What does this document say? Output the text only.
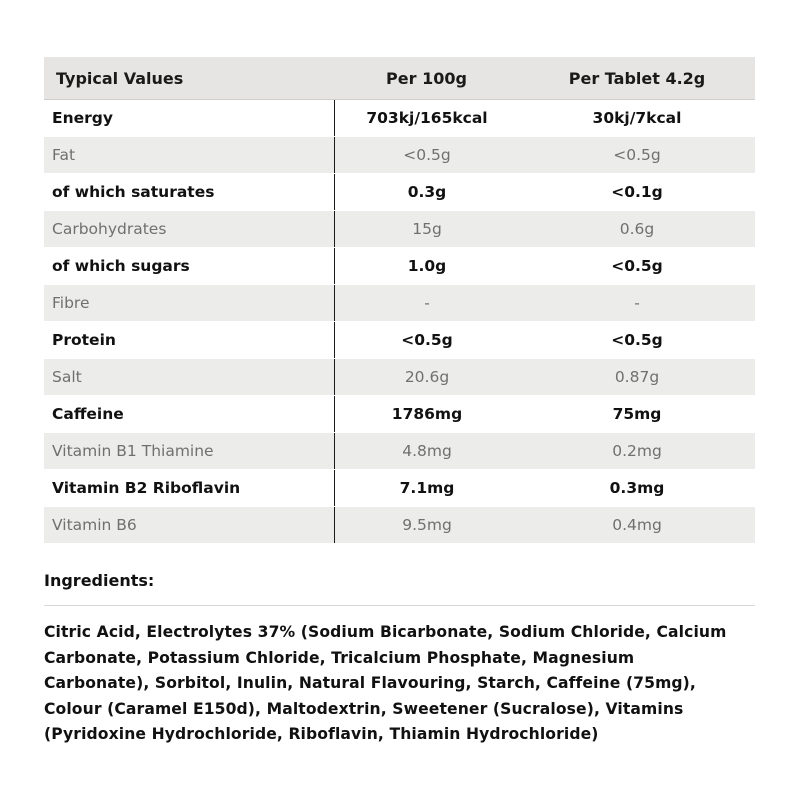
Typical Values	Per 100g	Per Tablet 4.2g
Energy	703kj/165kcal	30kj/7kcal
Fat	<0.5g	<0.5g
of which saturates	0.3g	<0.1g
Carbohydrates	15g	0.6g
of which sugars	1.0g	<0.5g
Fibre	-	-
Protein	<0.5g	<0.5g
Salt	20.6g	0.87g
Caffeine	1786mg	75mg
Vitamin B1 Thiamine	4.8mg	0.2mg
Vitamin B2 Riboflavin	7.1mg	0.3mg
Vitamin B6	9.5mg	0.4mg
Ingredients:
Citric Acid, Electrolytes 37% (Sodium Bicarbonate, Sodium Chloride, Calcium
Carbonate, Potassium Chloride, Tricalcium Phosphate, Magnesium
Carbonate), Sorbitol, Inulin, Natural Flavouring, Starch, Caffeine (75mg),
Colour (Caramel E150d), Maltodextrin, Sweetener (Sucralose), Vitamins
(Pyridoxine Hydrochloride, Riboflavin, Thiamin Hydrochloride)
